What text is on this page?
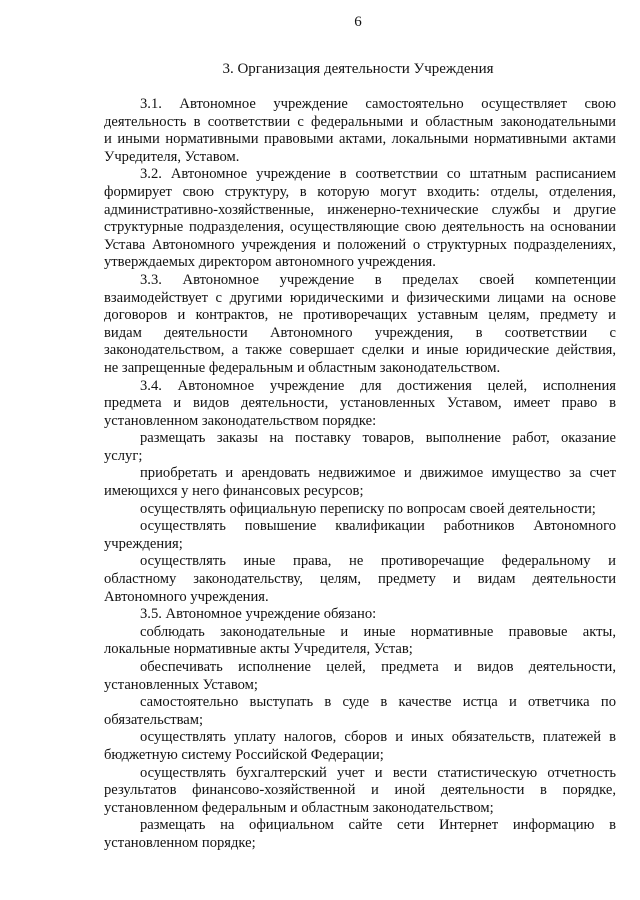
6
3. Организация деятельности Учреждения
3.1. Автономное учреждение самостоятельно осуществляет свою
деятельность в соответствии с федеральными и областным законодательными
и иными нормативными правовыми актами, локальными нормативными актами
Учредителя, Уставом.
3.2. Автономное учреждение в соответствии со штатным расписанием
формирует свою структуру, в которую могут входить: отделы, отделения,
административно-хозяйственные, инженерно-технические службы и другие
структурные подразделения, осуществляющие свою деятельность на основании
Устава Автономного учреждения и положений о структурных подразделениях,
утверждаемых директором автономного учреждения.
3.3. Автономное учреждение в пределах своей компетенции
взаимодействует с другими юридическими и физическими лицами на основе
договоров и контрактов, не противоречащих уставным целям, предмету и
видам деятельности Автономного учреждения, в соответствии с
законодательством, а также совершает сделки и иные юридические действия,
не запрещенные федеральным и областным законодательством.
3.4. Автономное учреждение для достижения целей, исполнения
предмета и видов деятельности, установленных Уставом, имеет право в
установленном законодательством порядке:
размещать заказы на поставку товаров, выполнение работ, оказание
услуг;
приобретать и арендовать недвижимое и движимое имущество за счет
имеющихся у него финансовых ресурсов;
осуществлять официальную переписку по вопросам своей деятельности;
осуществлять повышение квалификации работников Автономного
учреждения;
осуществлять иные права, не противоречащие федеральному и
областному законодательству, целям, предмету и видам деятельности
Автономного учреждения.
3.5. Автономное учреждение обязано:
соблюдать законодательные и иные нормативные правовые акты,
локальные нормативные акты Учредителя, Устав;
обеспечивать исполнение целей, предмета и видов деятельности,
установленных Уставом;
самостоятельно выступать в суде в качестве истца и ответчика по
обязательствам;
осуществлять уплату налогов, сборов и иных обязательств, платежей в
бюджетную систему Российской Федерации;
осуществлять бухгалтерский учет и вести статистическую отчетность
результатов финансово-хозяйственной и иной деятельности в порядке,
установленном федеральным и областным законодательством;
размещать на официальном сайте сети Интернет информацию в
установленном порядке;
